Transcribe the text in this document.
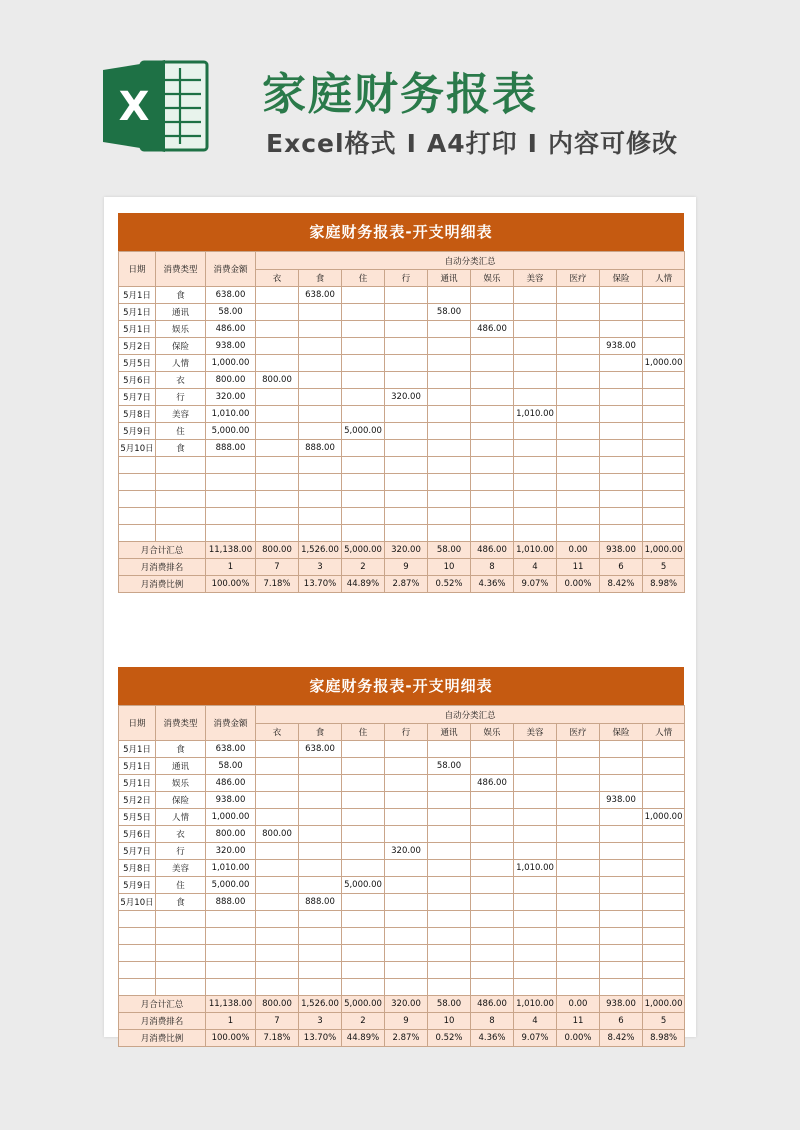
X	家庭财务报表
Excel格式 I A4打印 I 内容可修改
家庭财务报表-开支明细表
日期	消费类型	消费金额	自动分类汇总									
			衣	食	住	行	通讯	娱乐	美容	医疗	保险	人情
5月1日	食	638.00		638.00								
5月1日	通讯	58.00					58.00					
5月1日	娱乐	486.00						486.00				
5月2日	保险	938.00									938.00	
5月5日	人情	1,000.00										1,000.00
5月6日	衣	800.00	800.00									
5月7日	行	320.00				320.00						
5月8日	美容	1,010.00							1,010.00			
5月9日	住	5,000.00			5,000.00							
5月10日	食	888.00		888.00								

月合计汇总		11,138.00	800.00	1,526.00	5,000.00	320.00	58.00	486.00	1,010.00	0.00	938.00	1,000.00
月消费排名		1	7	3	2	9	10	8	4	11	6	5
月消费比例		100.00%	7.18%	13.70%	44.89%	2.87%	0.52%	4.36%	9.07%	0.00%	8.42%	8.98%
家庭财务报表-开支明细表
日期	消费类型	消费金额	自动分类汇总									
			衣	食	住	行	通讯	娱乐	美容	医疗	保险	人情
5月1日	食	638.00		638.00								
5月1日	通讯	58.00					58.00					
5月1日	娱乐	486.00						486.00				
5月2日	保险	938.00									938.00	
5月5日	人情	1,000.00										1,000.00
5月6日	衣	800.00	800.00									
5月7日	行	320.00				320.00						
5月8日	美容	1,010.00							1,010.00			
5月9日	住	5,000.00			5,000.00							
5月10日	食	888.00		888.00								

月合计汇总		11,138.00	800.00	1,526.00	5,000.00	320.00	58.00	486.00	1,010.00	0.00	938.00	1,000.00
月消费排名		1	7	3	2	9	10	8	4	11	6	5
月消费比例		100.00%	7.18%	13.70%	44.89%	2.87%	0.52%	4.36%	9.07%	0.00%	8.42%	8.98%
